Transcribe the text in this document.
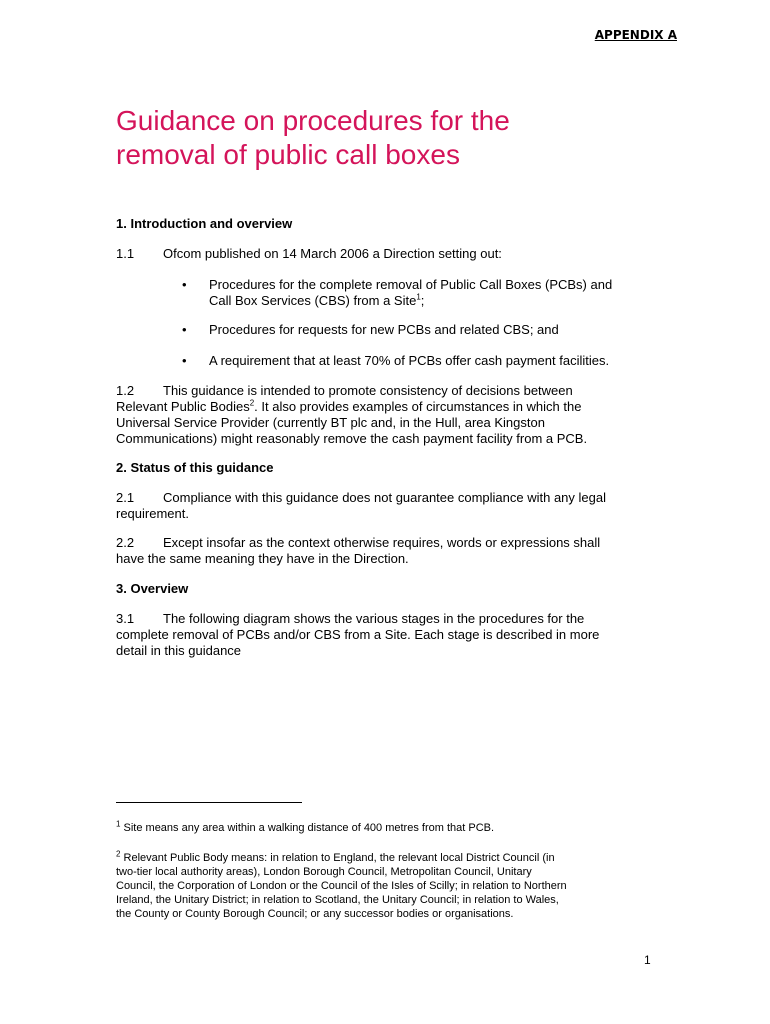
APPENDIX A
Guidance on procedures for the
removal of public call boxes
1. Introduction and overview
1.1 Ofcom published on 14 March 2006 a Direction setting out:
• Procedures for the complete removal of Public Call Boxes (PCBs) and
Call Box Services (CBS) from a Site$^1$;
• Procedures for requests for new PCBs and related CBS; and
• A requirement that at least 70% of PCBs offer cash payment facilities.
1.2 This guidance is intended to promote consistency of decisions between
Relevant Public Bodies$^2$. It also provides examples of circumstances in which the
Universal Service Provider (currently BT plc and, in the Hull, area Kingston
Communications) might reasonably remove the cash payment facility from a PCB.
2. Status of this guidance
2.1 Compliance with this guidance does not guarantee compliance with any legal
requirement.
2.2 Except insofar as the context otherwise requires, words or expressions shall
have the same meaning they have in the Direction.
3. Overview
3.1 The following diagram shows the various stages in the procedures for the
complete removal of PCBs and/or CBS from a Site. Each stage is described in more
detail in this guidance
$^1$ Site means any area within a walking distance of 400 metres from that PCB.
$^2$ Relevant Public Body means: in relation to England, the relevant local District Council (in
two-tier local authority areas), London Borough Council, Metropolitan Council, Unitary
Council, the Corporation of London or the Council of the Isles of Scilly; in relation to Northern
Ireland, the Unitary District; in relation to Scotland, the Unitary Council; in relation to Wales,
the County or County Borough Council; or any successor bodies or organisations.
1
